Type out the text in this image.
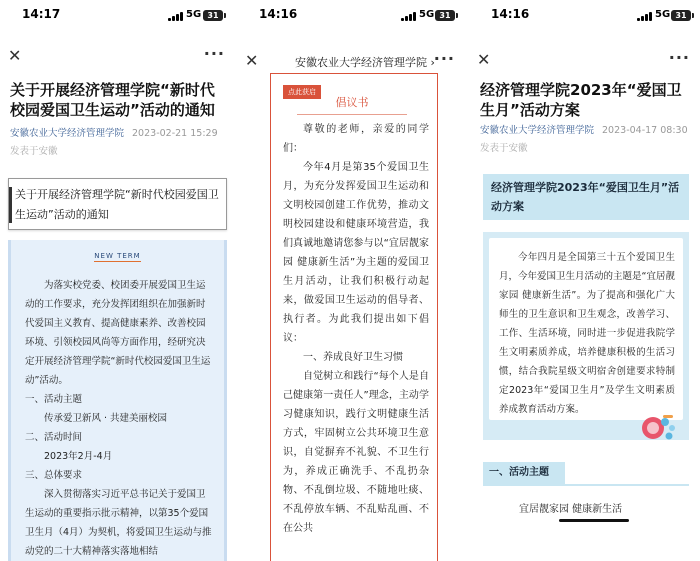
14:17	5G 31
✕	···
关于开展经济管理学院“新时代校园爱国卫生运动”活动的通知
安徽农业大学经济管理学院 2023-02-21 15:29
发表于安徽
关于开展经济管理学院“新时代校园爱国卫生运动”活动的通知
NEW TERM

为落实校党委、校团委开展爱国卫生运动的工作要求，充分发挥团组织在加强新时代爱国主义教育、提高健康素养、改善校园环境、引领校园风尚等方面作用，经研究决定开展经济管理学院“新时代校园爱国卫生运动”活动。

一、活动主题

传承爱卫新风 · 共建美丽校园

二、活动时间

2023年2月-4月

三、总体要求

深入贯彻落实习近平总书记关于爱国卫生运动的重要指示批示精神，以第35个爱国卫生月（4月）为契机，将爱国卫生运动与推动党的二十大精神落实落地相结

14:16	5G 31
✕	安徽农业大学经济管理学院 ›
···
点此获启
倡议书

尊敬的老师，亲爱的同学们：

今年4月是第35个爱国卫生月，为充分发挥爱国卫生运动和文明校园创建工作优势，推动文明校园建设和健康环境营造，我们真诚地邀请您参与以“宜居靓家园 健康新生活”为主题的爱国卫生月活动，让我们积极行动起来，做爱国卫生运动的倡导者、执行者。为此我们提出如下倡议：

一、养成良好卫生习惯

自觉树立和践行“每个人是自己健康第一责任人”理念，主动学习健康知识，践行文明健康生活方式，牢固树立公共环境卫生意识，自觉摒弃不礼貌、不卫生行为，养成正确洗手、不乱扔杂物、不乱倒垃圾、不随地吐痰、不乱停放车辆、不乱贴乱画、不在公共

14:16	5G 31
✕	···
经济管理学院2023年“爱国卫生月”活动方案
安徽农业大学经济管理学院 2023-04-17 08:30
发表于安徽
经济管理学院2023年“爱国卫生月”活动方案
今年四月是全国第三十五个爱国卫生月，今年爱国卫生月活动的主题是“宜居靓家园 健康新生活”。为了提高和强化广大师生的卫生意识和卫生观念，改善学习、工作、生活环境，同时进一步促进我院学生文明素质养成，培养健康积极的生活习惯，结合我院星级文明宿舍创建要求特制定2023年“爱国卫生月”及学生文明素质养成教育活动方案。
一、活动主题
宜居靓家园 健康新生活
